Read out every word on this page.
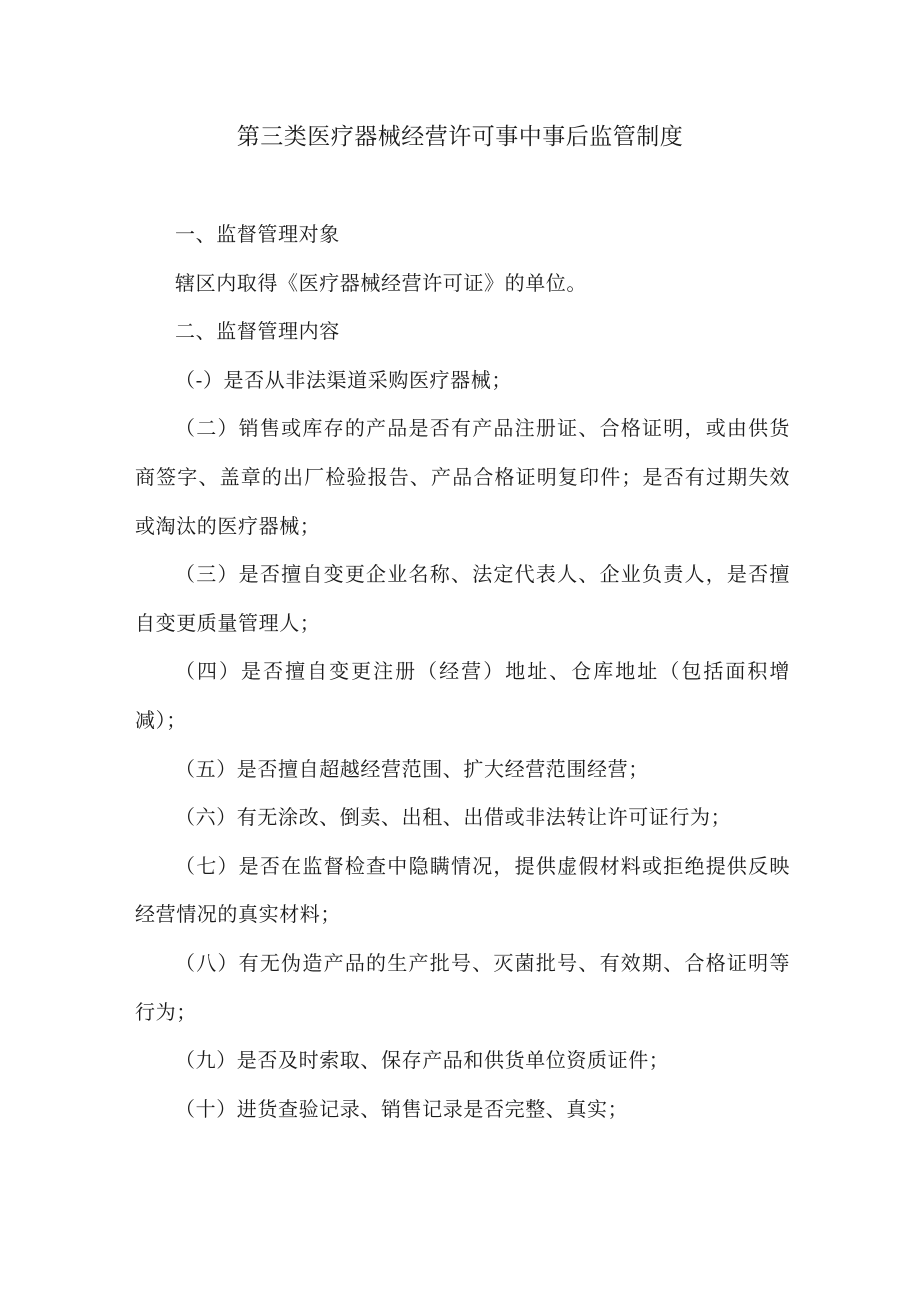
第三类医疗器械经营许可事中事后监管制度

一、监督管理对象

辖区内取得《医疗器械经营许可证》的单位。

二、监督管理内容

（-）是否从非法渠道采购医疗器械；

（二）销售或库存的产品是否有产品注册证、合格证明，或由供货商签字、盖章的出厂检验报告、产品合格证明复印件；是否有过期失效或淘汰的医疗器械；

（三）是否擅自变更企业名称、法定代表人、企业负责人，是否擅自变更质量管理人；

（四）是否擅自变更注册（经营）地址、仓库地址（包括面积增减）；

（五）是否擅自超越经营范围、扩大经营范围经营；

（六）有无涂改、倒卖、出租、出借或非法转让许可证行为；

（七）是否在监督检查中隐瞒情况，提供虚假材料或拒绝提供反映经营情况的真实材料；

（八）有无伪造产品的生产批号、灭菌批号、有效期、合格证明等行为；

（九）是否及时索取、保存产品和供货单位资质证件；

（十）进货查验记录、销售记录是否完整、真实；
